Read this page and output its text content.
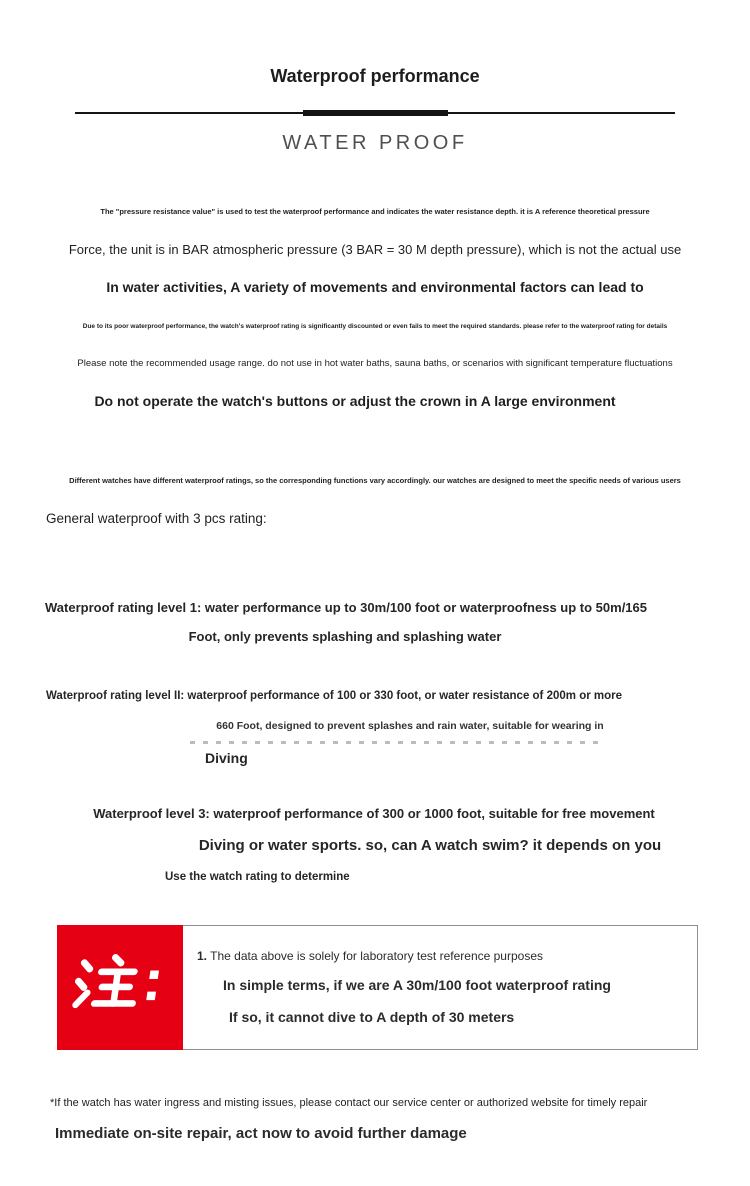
Waterproof performance
WATER PROOF
The "pressure resistance value" is used to test the waterproof performance and indicates the water resistance depth. it is A reference theoretical pressure
Force, the unit is in BAR atmospheric pressure (3 BAR = 30 M depth pressure), which is not the actual use
In water activities, A variety of movements and environmental factors can lead to
Due to its poor waterproof performance, the watch's waterproof rating is significantly discounted or even fails to meet the required standards. please refer to the waterproof rating for details
Please note the recommended usage range. do not use in hot water baths, sauna baths, or scenarios with significant temperature fluctuations
Do not operate the watch's buttons or adjust the crown in A large environment
Different watches have different waterproof ratings, so the corresponding functions vary accordingly. our watches are designed to meet the specific needs of various users
General waterproof with 3 pcs rating:
Waterproof rating level 1: water performance up to 30m/100 foot or waterproofness up to 50m/165
Foot, only prevents splashing and splashing water
Waterproof rating level II: waterproof performance of 100 or 330 foot, or water resistance of 200m or more
660 Foot, designed to prevent splashes and rain water, suitable for wearing in
Diving
Waterproof level 3: waterproof performance of 300 or 1000 foot, suitable for free movement
Diving or water sports. so, can A watch swim? it depends on you
Use the watch rating to determine
1. The data above is solely for laboratory test reference purposes
In simple terms, if we are A 30m/100 foot waterproof rating
If so, it cannot dive to A depth of 30 meters
*If the watch has water ingress and misting issues, please contact our service center or authorized website for timely repair
Immediate on-site repair, act now to avoid further damage
